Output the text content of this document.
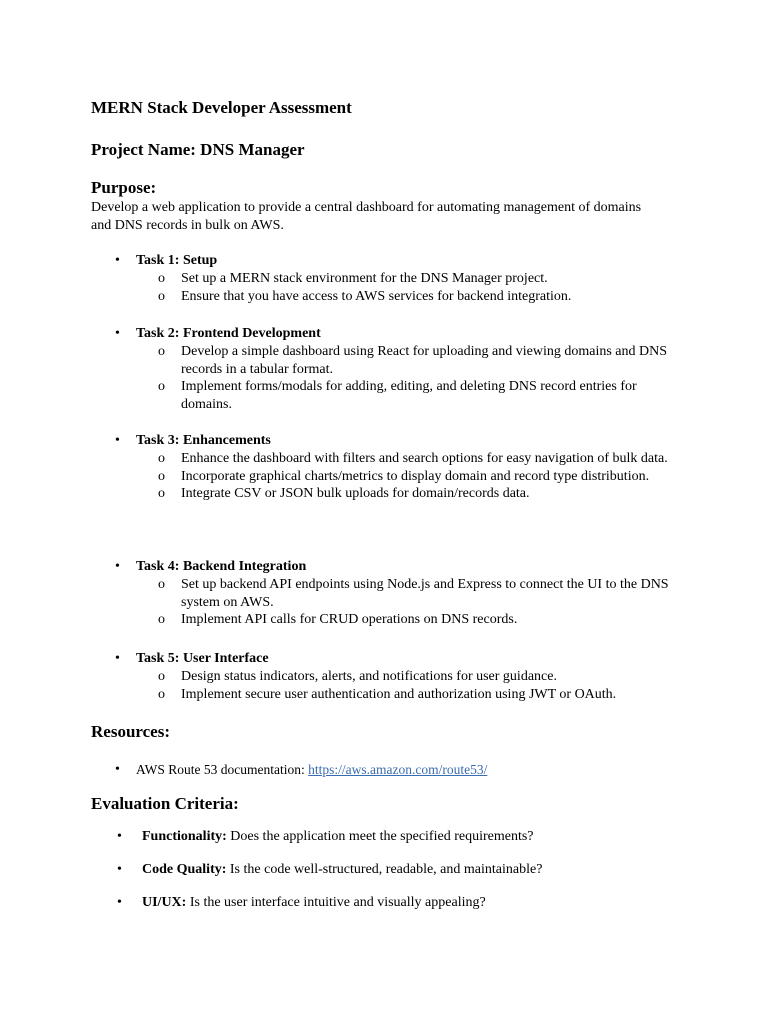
MERN Stack Developer Assessment
Project Name: DNS Manager
Purpose:

Develop a web application to provide a central dashboard for automating management of domains and DNS records in bulk on AWS.

• Task 1: Setup
o Set up a MERN stack environment for the DNS Manager project.
o Ensure that you have access to AWS services for backend integration.
• Task 2: Frontend Development
o Develop a simple dashboard using React for uploading and viewing domains and DNS records in a tabular format.
o Implement forms/modals for adding, editing, and deleting DNS record entries for domains.
• Task 3: Enhancements
o Enhance the dashboard with filters and search options for easy navigation of bulk data.
o Incorporate graphical charts/metrics to display domain and record type distribution.
o Integrate CSV or JSON bulk uploads for domain/records data.
• Task 4: Backend Integration
o Set up backend API endpoints using Node.js and Express to connect the UI to the DNS system on AWS.
o Implement API calls for CRUD operations on DNS records.
• Task 5: User Interface
o Design status indicators, alerts, and notifications for user guidance.
o Implement secure user authentication and authorization using JWT or OAuth.
Resources:
• AWS Route 53 documentation: https://aws.amazon.com/route53/
Evaluation Criteria:
• Functionality: Does the application meet the specified requirements?
• Code Quality: Is the code well-structured, readable, and maintainable?
• UI/UX: Is the user interface intuitive and visually appealing?
